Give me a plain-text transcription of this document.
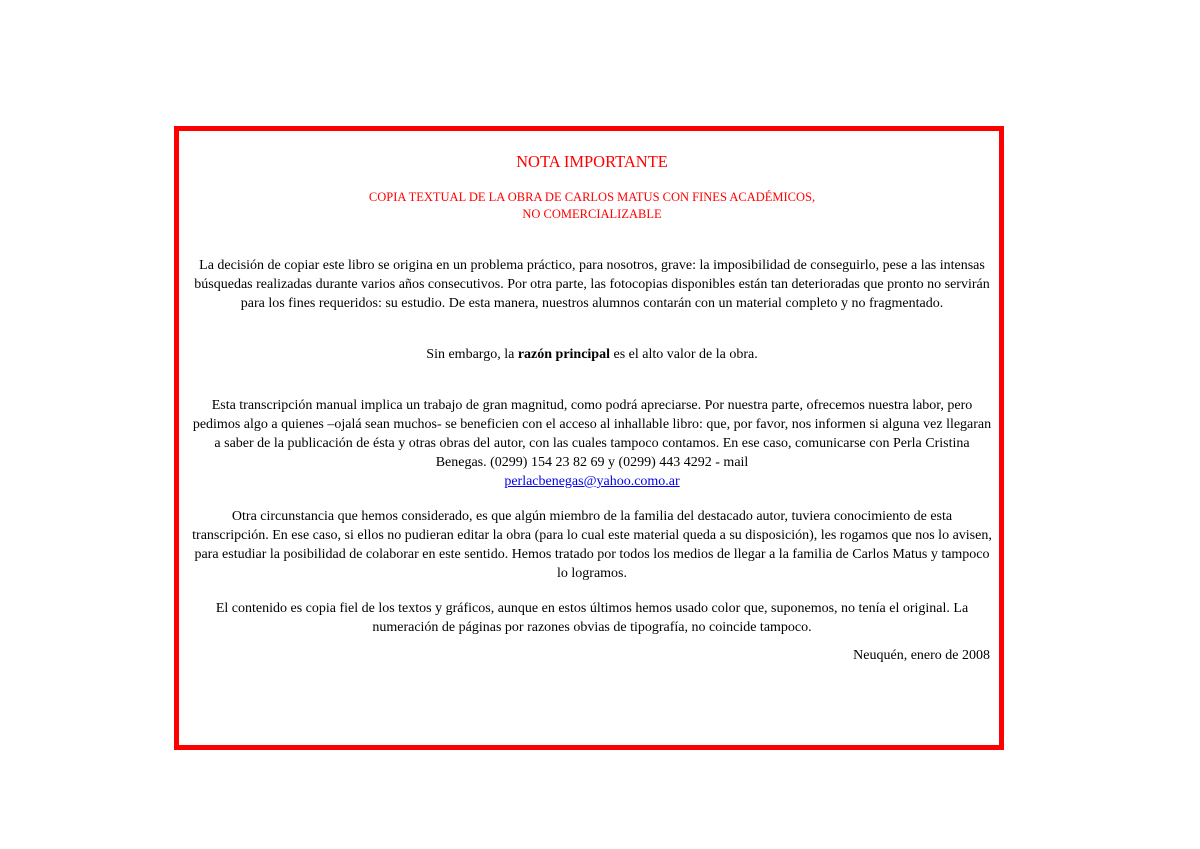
NOTA IMPORTANTE
COPIA TEXTUAL DE LA OBRA DE CARLOS MATUS CON FINES ACADÉMICOS,
NO COMERCIALIZABLE

La decisión de copiar este libro se origina en un problema práctico, para nosotros, grave: la imposibilidad de conseguirlo, pese a las intensas búsquedas realizadas durante varios años consecutivos. Por otra parte, las fotocopias disponibles están tan deterioradas que pronto no servirán para los fines requeridos: su estudio. De esta manera, nuestros alumnos contarán con un material completo y no fragmentado.

Sin embargo, la razón principal es el alto valor de la obra.

Esta transcripción manual implica un trabajo de gran magnitud, como podrá apreciarse. Por nuestra parte, ofrecemos nuestra labor, pero pedimos algo a quienes –ojalá sean muchos- se beneficien con el acceso al inhallable libro: que, por favor, nos informen si alguna vez llegaran a saber de la publicación de ésta y otras obras del autor, con las cuales tampoco contamos. En ese caso, comunicarse con Perla Cristina Benegas. (0299) 154 23 82 69 y (0299) 443 4292 - mail
perlacbenegas@yahoo.como.ar

Otra circunstancia que hemos considerado, es que algún miembro de la familia del destacado autor, tuviera conocimiento de esta transcripción. En ese caso, si ellos no pudieran editar la obra (para lo cual este material queda a su disposición), les rogamos que nos lo avisen, para estudiar la posibilidad de colaborar en este sentido. Hemos tratado por todos los medios de llegar a la familia de Carlos Matus y tampoco lo logramos.

El contenido es copia fiel de los textos y gráficos, aunque en estos últimos hemos usado color que, suponemos, no tenía el original. La numeración de páginas por razones obvias de tipografía, no coincide tampoco.

Neuquén, enero de 2008
